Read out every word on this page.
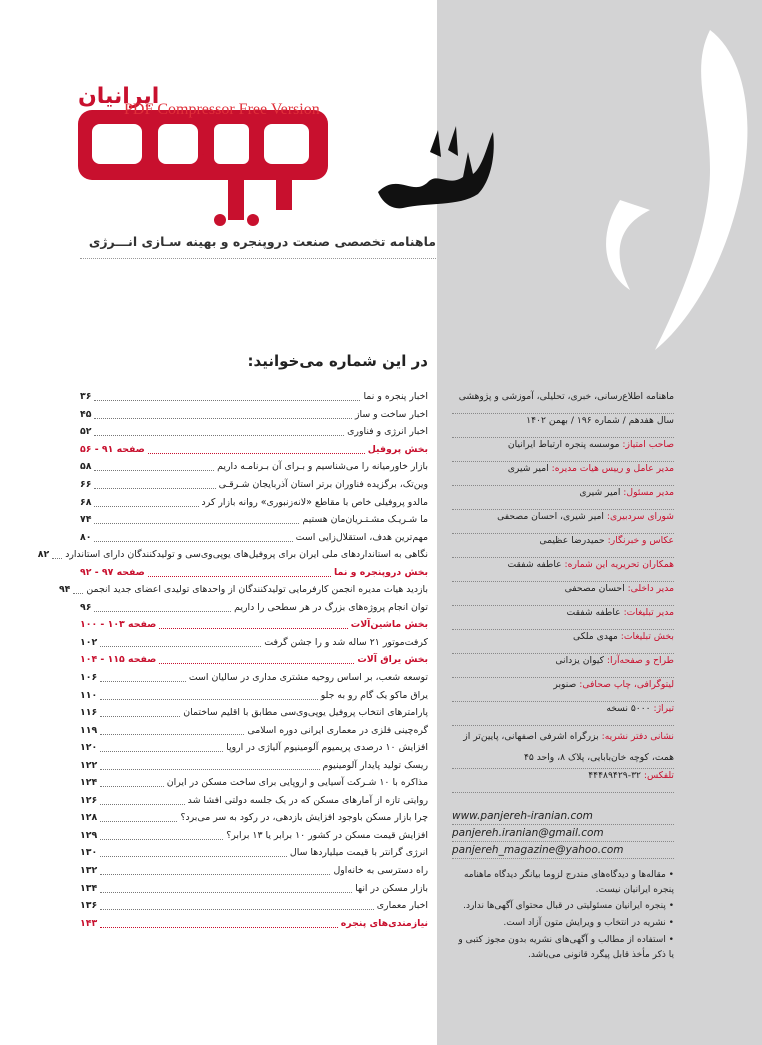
پنجره
ایرانیان
PDF Compressor Free Version
ماهنامه تخصصی صنعت درو‌پنجره و بهینه سـازی انـــرژی
در این شماره می‌خوانید:
اخبار پنجره و نما
۳۶
اخبار ساخت و ساز
۴۵
اخبار انرژی و فناوری
۵۲
بخش پروفیل
صفحه ۹۱ - ۵۶
بازار خاورمیانه را می‌شناسیم و بـرای آن بـرنامـه داریم
۵۸
وین‌تک، برگزیده فناوران برتر استان آذربایجان شـرقـی
۶۶
مالدو پروفیلی خاص با مقاطع «لانه‌زنبوری» روانه بازار کرد
۶۸
ما شـریـک مشـتـریان‌مان هستیم
۷۴
مهم‌ترین هدف، استقلال‌زایی است
۸۰
نگاهی به استانداردهای ملی ایران برای پروفیل‌های یوپی‌وی‌سی و تولیدکنندگان دارای استاندارد
۸۲
بخش درو‌پنجره و نما
صفحه ۹۷ - ۹۲
بازدید هیات مدیره انجمن کارفرمایی تولیدکنندگان از واحدهای تولیدی اعضای جدید انجمن
۹۴
توان انجام پروژه‌های بزرگ در هر سطحی را داریم
۹۶
بخش ماشین‌آلات
صفحه ۱۰۳ - ۱۰۰
کرفت‌موتور ۲۱ ساله شد و را جشن گرفت
۱۰۲
بخش یراق آلات
صفحه ۱۱۵ - ۱۰۴
توسعه شعب، بر اساس روحیه مشتری مداری در سالیان است
۱۰۶
یراق ماکو یک گام رو به جلو
۱۱۰
پارامترهای انتخاب پروفیل یوپی‌وی‌سی مطابق با اقلیم ساختمان
۱۱۶
گره‌چینی فلزی در معماری ایرانی دوره اسلامی
۱۱۹
افزایش ۱۰ درصدی پریمیوم آلومینیوم آلیاژی در اروپا
۱۲۰
ریسک تولید پایدار آلومینیوم
۱۲۲
مذاکره با ۱۰ شـرکت آسیایی و اروپایی برای ساخت مسکن در ایران
۱۲۴
روایتی تازه از آمارهای مسکن که در یک جلسه دولتی افشا شد
۱۲۶
چرا بازار مسکن باوجود افزایش بازدهی، در رکود به سر می‌برد؟
۱۲۸
افزایش قیمت مسکن در کشور ۱۰ برابر یا ۱۳ برابر؟
۱۲۹
انرژی گرانتر با قیمت میلیاردها سال
۱۳۰
راه دسترسی به خانه‌اول
۱۳۲
بازار مسکن در انها
۱۳۴
اخبار معماری
۱۳۶
نیازمندی‌های پنجره
۱۴۳
ماهنامه اطلاع‌رسانی، خبری، تحلیلی، آموزشی و پژوهشی
سال هفدهم / شماره ۱۹۶ / بهمن ۱۴۰۲
صاحب امتیاز: موسسه پنجره ارتباط ایرانیان
مدیر عامل و رییس هیات مدیره: امیر شیری
مدیر مسئول: امیر شیری
شورای سردبیری: امیر شیری، احسان مصحفی
عکاس و خبرنگار: حمیدرضا عظیمی
همکاران تحریریه این شماره: عاطفه شفقت
مدیر داخلی: احسان مصحفی
مدیر تبلیغات: عاطفه شفقت
بخش تبلیغات: مهدی ملکی
طراح و صفحه‌آرا: کیوان یزدانی
لیتوگرافی، چاپ صحافی: صنوبر
تیراژ: ۵۰۰۰ نسخه
نشانی دفتر نشریه: بزرگراه اشرفی اصفهانی، پایین‌تر از همت، کوچه خان‌بابایی، پلاک ۸، واحد ۴۵
تلفکس: ۳۲-۴۴۴۸۹۴۲۹
www.panjereh-iranian.com
panjereh.iranian@gmail.com
panjereh_magazine@yahoo.com

• مقاله‌ها و دیدگاه‌های مندرج لزوما بیانگر دیدگاه ماهنامه پنجره ایرانیان نیست.

• پنجره ایرانیان مسئولیتی در قبال محتوای آگهی‌ها ندارد.

• نشریه در انتخاب و ویرایش متون آزاد است.

• استفاده از مطالب و آگهی‌های نشریه بدون مجوز کتبی و یا ذکر مأخذ قابل پیگرد قانونی می‌باشد.
